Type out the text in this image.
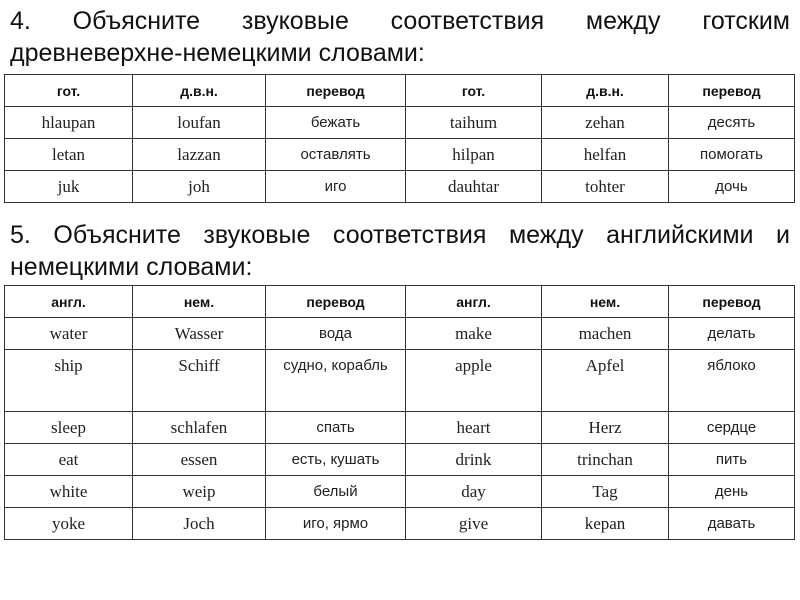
4. Объясните звуковые соответствия между готским древневерхне-немецкими словами:
гот.	д.в.н.	перевод	гот.	д.в.н.	перевод
hlaupan	loufan	бежать	taihum	zehan	десять
letan	lazzan	оставлять	hilpan	helfan	помогать
juk	joh	иго	dauhtar	tohter	дочь
5. Объясните звуковые соответствия между английскими и немецкими словами:
англ.	нем.	перевод	англ.	нем.	перевод
water	Wasser	вода	make	machen	делать
ship	Schiff	судно, корабль	apple	Apfel	яблоко
sleep	schlafen	спать	heart	Herz	сердце
eat	essen	есть, кушать	drink	trinchan	пить
white	weiр	белый	day	Tag	день
yoke	Joch	иго, ярмо	give	kepan	давать
